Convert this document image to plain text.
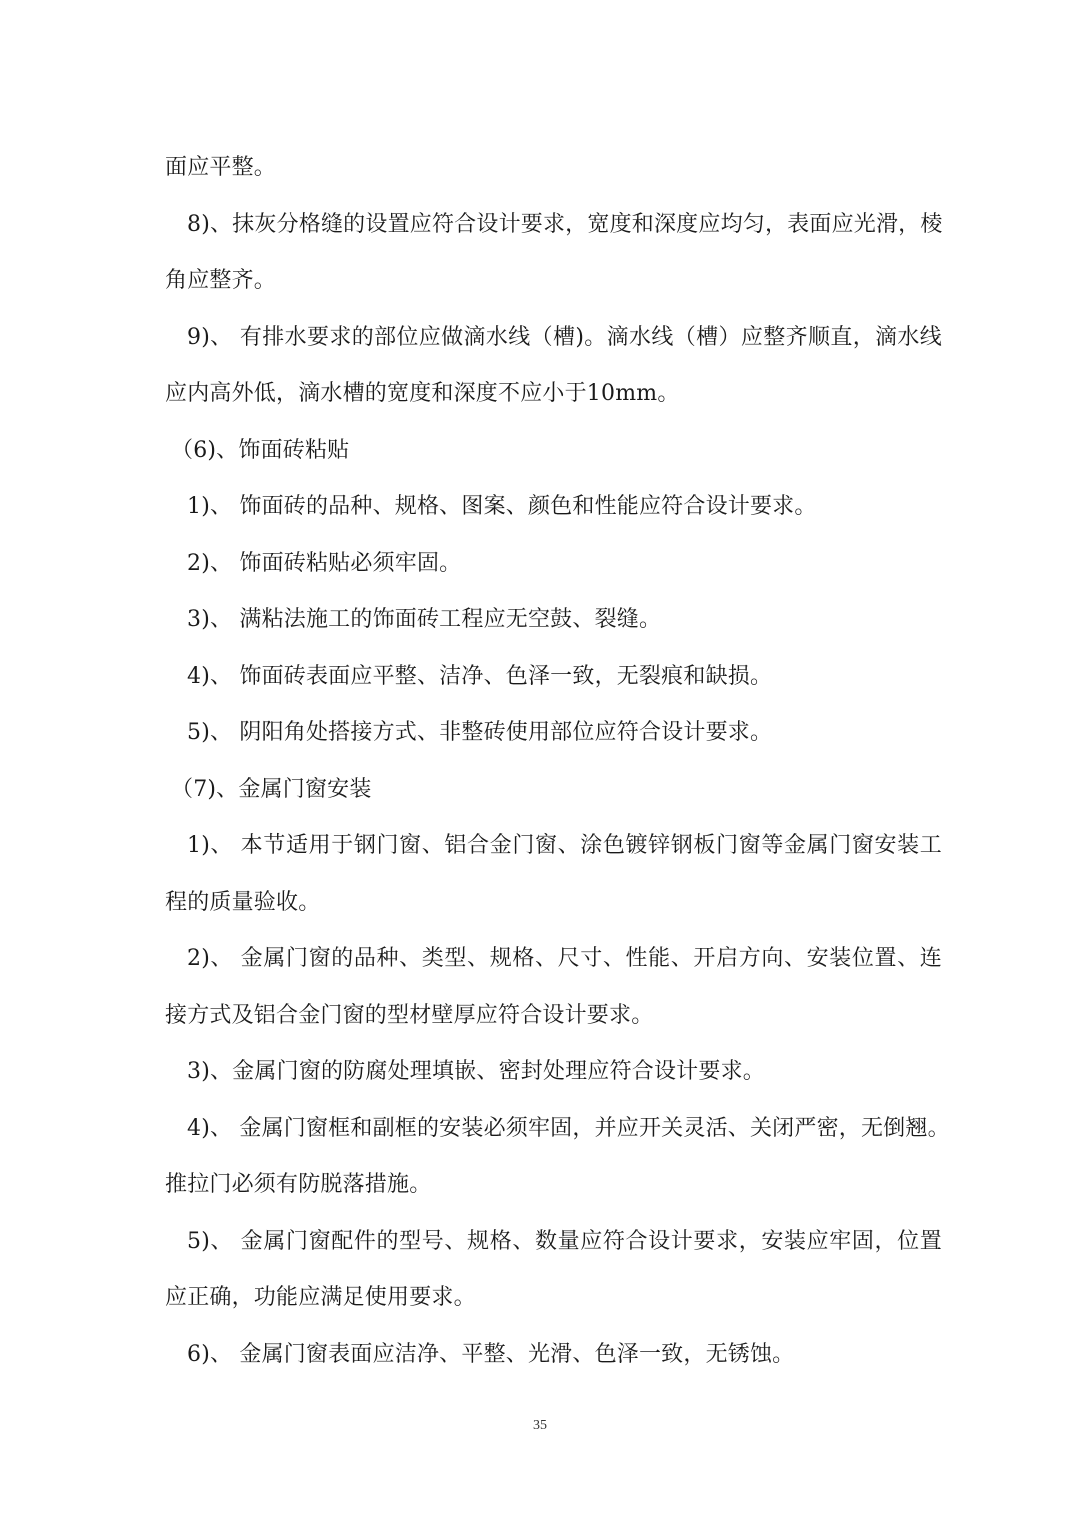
面应平整。
8)、抹灰分格缝的设置应符合设计要求，宽度和深度应均匀，表面应光滑，棱
角应整齐。
9)、 有排水要求的部位应做滴水线（槽)。滴水线（槽）应整齐顺直，滴水线
应内高外低，滴水槽的宽度和深度不应小于10mm。
（6)、饰面砖粘贴
1)、 饰面砖的品种、规格、图案、颜色和性能应符合设计要求。
2)、 饰面砖粘贴必须牢固。
3)、 满粘法施工的饰面砖工程应无空鼓、裂缝。
4)、 饰面砖表面应平整、洁净、色泽一致，无裂痕和缺损。
5)、 阴阳角处搭接方式、非整砖使用部位应符合设计要求。
（7)、金属门窗安装
1)、 本节适用于钢门窗、铝合金门窗、涂色镀锌钢板门窗等金属门窗安装工
程的质量验收。
2)、 金属门窗的品种、类型、规格、尺寸、性能、开启方向、安装位置、连
接方式及铝合金门窗的型材壁厚应符合设计要求。
3)、金属门窗的防腐处理填嵌、密封处理应符合设计要求。
4)、 金属门窗框和副框的安装必须牢固，并应开关灵活、关闭严密，无倒翘。
推拉门必须有防脱落措施。
5)、 金属门窗配件的型号、规格、数量应符合设计要求，安装应牢固，位置
应正确，功能应满足使用要求。
6)、 金属门窗表面应洁净、平整、光滑、色泽一致，无锈蚀。
35
